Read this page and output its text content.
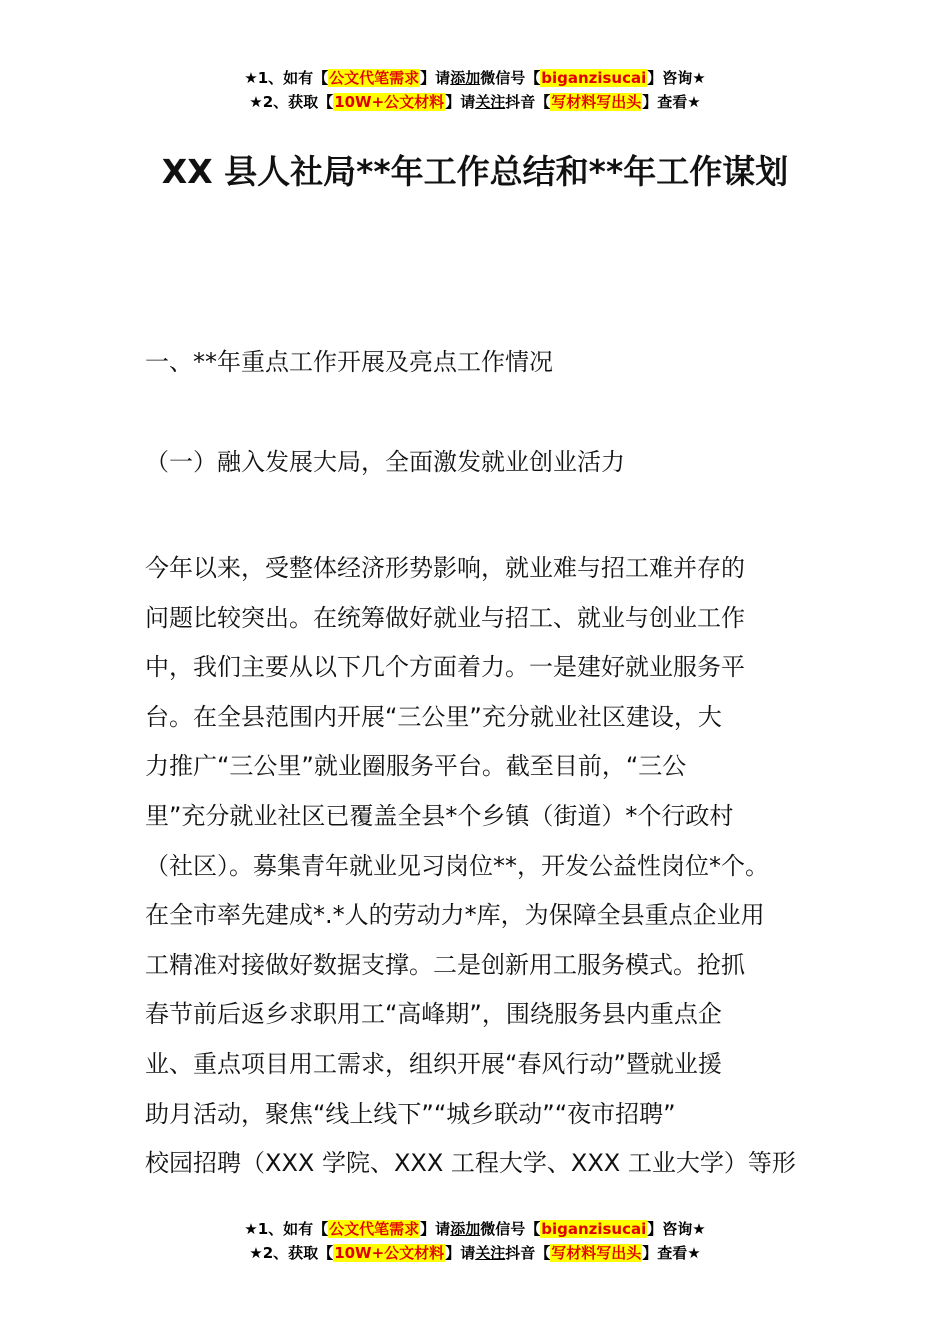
★1、如有【公文代笔需求】请添加微信号【biganzisucai】咨询★
★2、获取【10W+公文材料】请关注抖音【写材料写出头】查看★
XX 县人社局**年工作总结和**年工作谋划
一、**年重点工作开展及亮点工作情况
（一）融入发展大局，全面激发就业创业活力
今年以来，受整体经济形势影响，就业难与招工难并存的
问题比较突出。在统筹做好就业与招工、就业与创业工作
中，我们主要从以下几个方面着力。一是建好就业服务平
台。在全县范围内开展“三公里”充分就业社区建设，大
力推广“三公里”就业圈服务平台。截至目前，“三公
里”充分就业社区已覆盖全县*个乡镇（街道）*个行政村
（社区）。募集青年就业见习岗位**，开发公益性岗位*个。
在全市率先建成*.*人的劳动力*库，为保障全县重点企业用
工精准对接做好数据支撑。二是创新用工服务模式。抢抓
春节前后返乡求职用工“高峰期”，围绕服务县内重点企
业、重点项目用工需求，组织开展“春风行动”暨就业援
助月活动，聚焦“线上线下”“城乡联动”“夜市招聘”
校园招聘（XXX 学院、XXX 工程大学、XXX 工业大学）等形
★1、如有【公文代笔需求】请添加微信号【biganzisucai】咨询★
★2、获取【10W+公文材料】请关注抖音【写材料写出头】查看★
